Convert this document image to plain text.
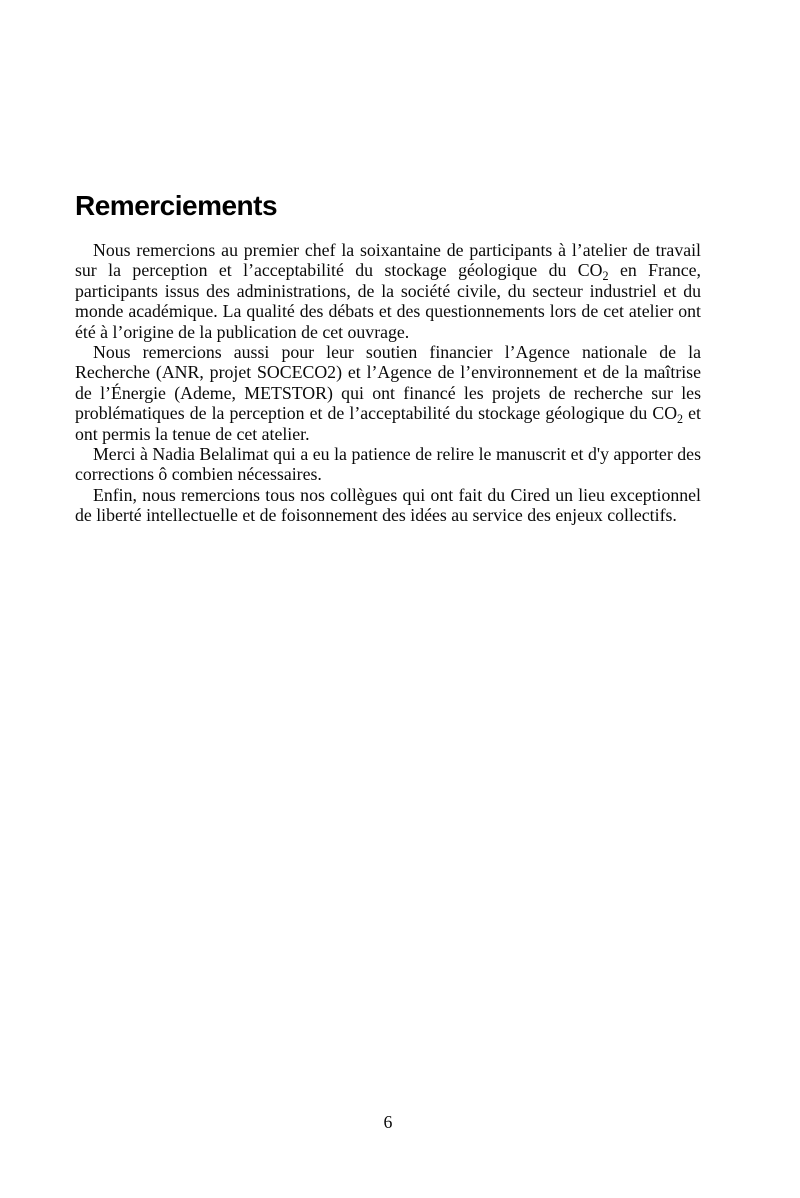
Remerciements

Nous remercions au premier chef la soixantaine de participants à l’atelier de travail sur la perception et l’acceptabilité du stockage géologique du $CO_2$ en France, participants issus des administrations, de la société civile, du secteur industriel et du monde académique. La qualité des débats et des questionnements lors de cet atelier ont été à l’origine de la publication de cet ouvrage.

Nous remercions aussi pour leur soutien financier l’Agence nationale de la Recherche (ANR, projet SOCECO2) et l’Agence de l’environnement et de la maîtrise de l’Énergie (Ademe, METSTOR) qui ont financé les projets de recherche sur les problématiques de la perception et de l’acceptabilité du stockage géologique du $CO_2$ et ont permis la tenue de cet atelier.

Merci à Nadia Belalimat qui a eu la patience de relire le manuscrit et d'y apporter des corrections ô combien nécessaires.

Enfin, nous remercions tous nos collègues qui ont fait du Cired un lieu exceptionnel de liberté intellectuelle et de foisonnement des idées au service des enjeux collectifs.

6
